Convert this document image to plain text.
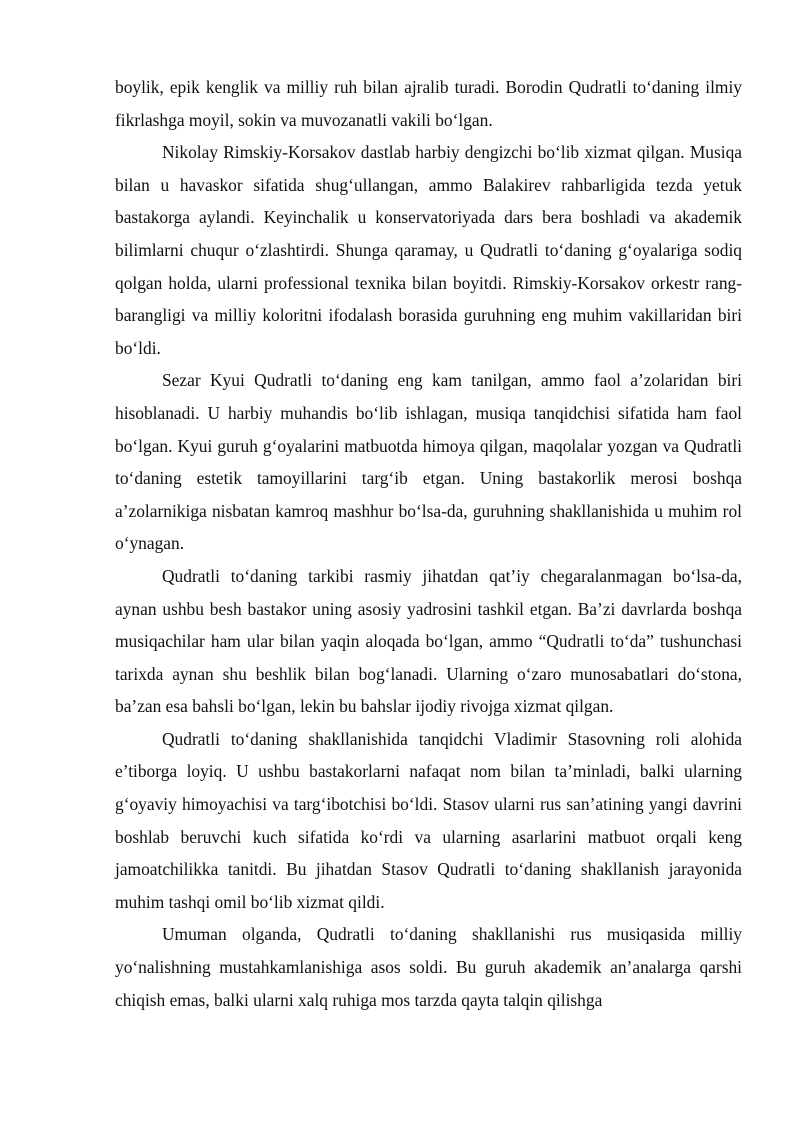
boylik, epik kenglik va milliy ruh bilan ajralib turadi. Borodin Qudratli to‘daning ilmiy fikrlashga moyil, sokin va muvozanatli vakili bo‘lgan.

Nikolay Rimskiy-Korsakov dastlab harbiy dengizchi bo‘lib xizmat qilgan. Musiqa bilan u havaskor sifatida shug‘ullangan, ammo Balakirev rahbarligida tezda yetuk bastakorga aylandi. Keyinchalik u konservatoriyada dars bera boshladi va akademik bilimlarni chuqur o‘zlashtirdi. Shunga qaramay, u Qudratli to‘daning g‘oyalariga sodiq qolgan holda, ularni professional texnika bilan boyitdi. Rimskiy-Korsakov orkestr rang-barangligi va milliy koloritni ifodalash borasida guruhning eng muhim vakillaridan biri bo‘ldi.

Sezar Kyui Qudratli to‘daning eng kam tanilgan, ammo faol a’zolaridan biri hisoblanadi. U harbiy muhandis bo‘lib ishlagan, musiqa tanqidchisi sifatida ham faol bo‘lgan. Kyui guruh g‘oyalarini matbuotda himoya qilgan, maqolalar yozgan va Qudratli to‘daning estetik tamoyillarini targ‘ib etgan. Uning bastakorlik merosi boshqa a’zolarnikiga nisbatan kamroq mashhur bo‘lsa-da, guruhning shakllanishida u muhim rol o‘ynagan.

Qudratli to‘daning tarkibi rasmiy jihatdan qat’iy chegaralanmagan bo‘lsa-da, aynan ushbu besh bastakor uning asosiy yadrosini tashkil etgan. Ba’zi davrlarda boshqa musiqachilar ham ular bilan yaqin aloqada bo‘lgan, ammo “Qudratli to‘da” tushunchasi tarixda aynan shu beshlik bilan bog‘lanadi. Ularning o‘zaro munosabatlari do‘stona, ba’zan esa bahsli bo‘lgan, lekin bu bahslar ijodiy rivojga xizmat qilgan.

Qudratli to‘daning shakllanishida tanqidchi Vladimir Stasovning roli alohida e’tiborga loyiq. U ushbu bastakorlarni nafaqat nom bilan ta’minladi, balki ularning g‘oyaviy himoyachisi va targ‘ibotchisi bo‘ldi. Stasov ularni rus san’atining yangi davrini boshlab beruvchi kuch sifatida ko‘rdi va ularning asarlarini matbuot orqali keng jamoatchilikka tanitdi. Bu jihatdan Stasov Qudratli to‘daning shakllanish jarayonida muhim tashqi omil bo‘lib xizmat qildi.

Umuman olganda, Qudratli to‘daning shakllanishi rus musiqasida milliy yo‘nalishning mustahkamlanishiga asos soldi. Bu guruh akademik an’analarga qarshi chiqish emas, balki ularni xalq ruhiga mos tarzda qayta talqin qilishga
